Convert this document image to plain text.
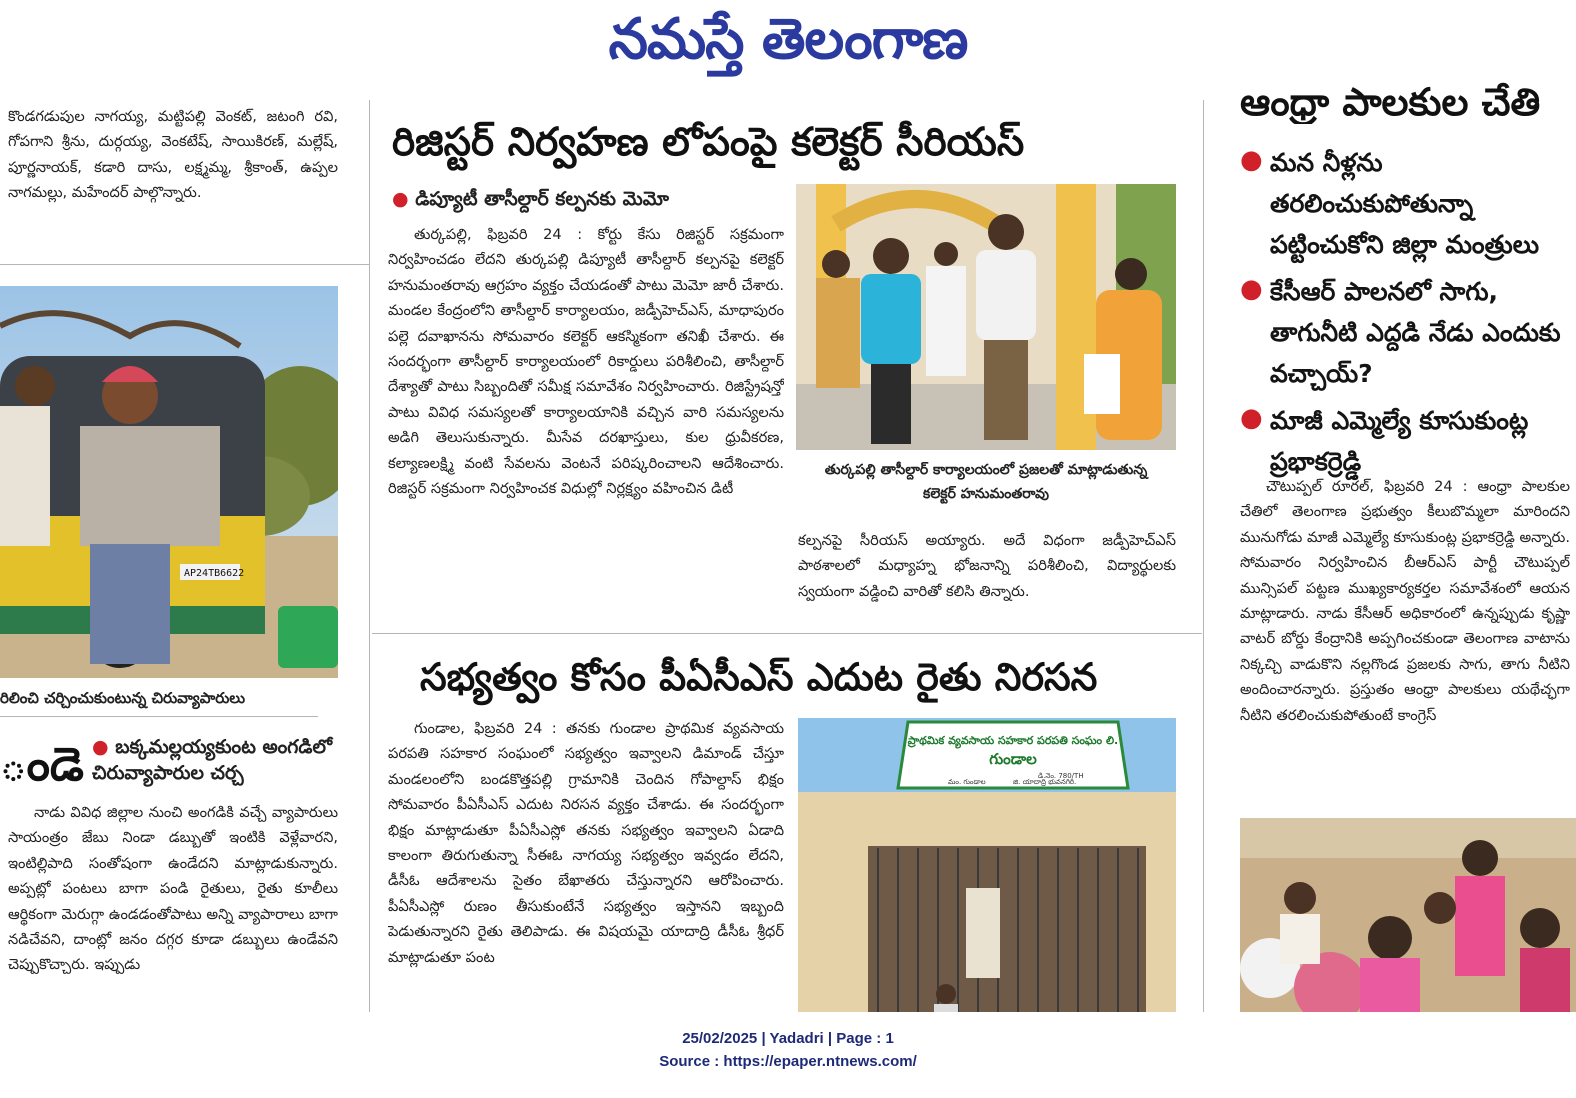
నమస్తే తెలంగాణ
కొండగడుపుల నాగయ్య, మట్టిపల్లి వెంకట్, జటంగి రవి, గోపగాని శ్రీను, దుర్గయ్య, వెంకటేష్, సాయికిరణ్, మల్లేష్, పూర్ణనాయక్, కడారి దాసు, లక్ష్మమ్మ, శ్రీకాంత్, ఉప్పల నాగమల్లు, మహేందర్ పాల్గొన్నారు.
AP24TB6622
రిలించి చర్చించుకుంటున్న చిరువ్యాపారులు
ండె ● బక్కమల్లయ్యకుంట అంగడిలో చిరువ్యాపారుల చర్చ

నాడు వివిధ జిల్లాల నుంచి అంగడికి వచ్చే వ్యాపారులు సాయంత్రం జేబు నిండా డబ్బుతో ఇంటికి వెళ్లేవారని, ఇంటిల్లిపాది సంతోషంగా ఉండేదని మాట్లాడుకున్నారు. అప్పట్లో పంటలు బాగా పండి రైతులు, రైతు కూలీలు ఆర్థికంగా మెరుగ్గా ఉండడంతోపాటు అన్ని వ్యాపారాలు బాగా నడిచేవని, దాంట్లో జనం దగ్గర కూడా డబ్బులు ఉండేవని చెప్పుకొచ్చారు. ఇప్పుడు

రిజిస్టర్ నిర్వహణ లోపంపై కలెక్టర్ సీరియస్
● డిప్యూటీ తాసీల్దార్ కల్పనకు మెమో

తుర్కపల్లి, ఫిబ్రవరి 24 : కోర్టు కేసు రిజిస్టర్ సక్రమంగా నిర్వహించడం లేదని తుర్కపల్లి డిప్యూటీ తాసీల్దార్ కల్పనపై కలెక్టర్ హనుమంతరావు ఆగ్రహం వ్యక్తం చేయడంతో పాటు మెమో జారీ చేశారు. మండల కేంద్రంలోని తాసీల్దార్ కార్యాలయం, జడ్పీహెచ్ఎస్, మాధాపురం పల్లె దవాఖానను సోమవారం కలెక్టర్ ఆకస్మికంగా తనిఖీ చేశారు. ఈ సందర్భంగా తాసీల్దార్ కార్యాలయంలో రికార్డులు పరిశీలించి, తాసీల్దార్ దేశ్యాతో పాటు సిబ్బందితో సమీక్ష సమావేశం నిర్వహించారు. రిజిస్ట్రేషన్తో పాటు వివిధ సమస్యలతో కార్యాలయానికి వచ్చిన వారి సమస్యలను అడిగి తెలుసుకున్నారు. మీసేవ దరఖాస్తులు, కుల ధ్రువీకరణ, కల్యాణలక్ష్మి వంటి సేవలను వెంటనే పరిష్కరించాలని ఆదేశించారు. రిజిస్టర్ సక్రమంగా నిర్వహించక విధుల్లో నిర్లక్ష్యం వహించిన డిటీ

తుర్కపల్లి తాసీల్దార్ కార్యాలయంలో ప్రజలతో మాట్లాడుతున్న కలెక్టర్ హనుమంతరావు

కల్పనపై సీరియస్ అయ్యారు. అదే విధంగా జడ్పీహెచ్ఎస్ పాఠశాలలో మధ్యాహ్న భోజనాన్ని పరిశీలించి, విద్యార్థులకు స్వయంగా వడ్డించి వారితో కలిసి తిన్నారు.

సభ్యత్వం కోసం పీఏసీఎస్ ఎదుట రైతు నిరసన

గుండాల, ఫిబ్రవరి 24 : తనకు గుండాల ప్రాథమిక వ్యవసాయ పరపతి సహకార సంఘంలో సభ్యత్వం ఇవ్వాలని డిమాండ్ చేస్తూ మండలంలోని బండకొత్తపల్లి గ్రామానికి చెందిన గోపాల్దాస్ భిక్షం సోమవారం పీఏసీఎస్ ఎదుట నిరసన వ్యక్తం చేశాడు. ఈ సందర్భంగా భిక్షం మాట్లాడుతూ పీఏసీఎస్లో తనకు సభ్యత్వం ఇవ్వాలని ఏడాది కాలంగా తిరుగుతున్నా సీఈఓ నాగయ్య సభ్యత్వం ఇవ్వడం లేదని, డీసీఓ ఆదేశాలను సైతం బేఖాతరు చేస్తున్నారని ఆరోపించారు. పీఏసీఎస్లో రుణం తీసుకుంటేనే సభ్యత్వం ఇస్తానని ఇబ్బంది పెడుతున్నారని రైతు తెలిపాడు. ఈ విషయమై యాదాద్రి డీసీఓ శ్రీధర్ మాట్లాడుతూ పంట

ప్రాథమిక వ్యవసాయ సహకార పరపతి సంఘం లి.
గుండాల
డి.నెం. 780/TH
మం. గుండాల	జి. యాదాద్రి భువనగిరి.
ఆంధ్రా పాలకుల చేతి
● మన నీళ్లను తరలించుకుపోతున్నా పట్టించుకోని జిల్లా మంత్రులు
● కేసీఆర్ పాలనలో సాగు, తాగునీటి ఎద్దడి నేడు ఎందుకు వచ్చాయ్?
● మాజీ ఎమ్మెల్యే కూసుకుంట్ల ప్రభాకర్రెడ్డి

చౌటుప్పల్ రూరల్, ఫిబ్రవరి 24 : ఆంధ్రా పాలకుల చేతిలో తెలంగాణ ప్రభుత్వం కీలుబొమ్మలా మారిందని మునుగోడు మాజీ ఎమ్మెల్యే కూసుకుంట్ల ప్రభాకర్రెడ్డి అన్నారు. సోమవారం నిర్వహించిన బీఆర్ఎస్ పార్టీ చౌటుప్పల్ మున్సిపల్ పట్టణ ముఖ్యకార్యకర్తల సమావేశంలో ఆయన మాట్లాడారు. నాడు కేసీఆర్ అధికారంలో ఉన్నప్పుడు కృష్ణా వాటర్ బోర్డు కేంద్రానికి అప్పగించకుండా తెలంగాణ వాటాను నిక్కచ్చి వాడుకొని నల్లగొండ ప్రజలకు సాగు, తాగు నీటిని అందించారన్నారు. ప్రస్తుతం ఆంధ్రా పాలకులు యథేచ్ఛగా నీటిని తరలించుకుపోతుంటే కాంగ్రెస్

25/02/2025 | Yadadri | Page : 1
Source : https://epaper.ntnews.com/
